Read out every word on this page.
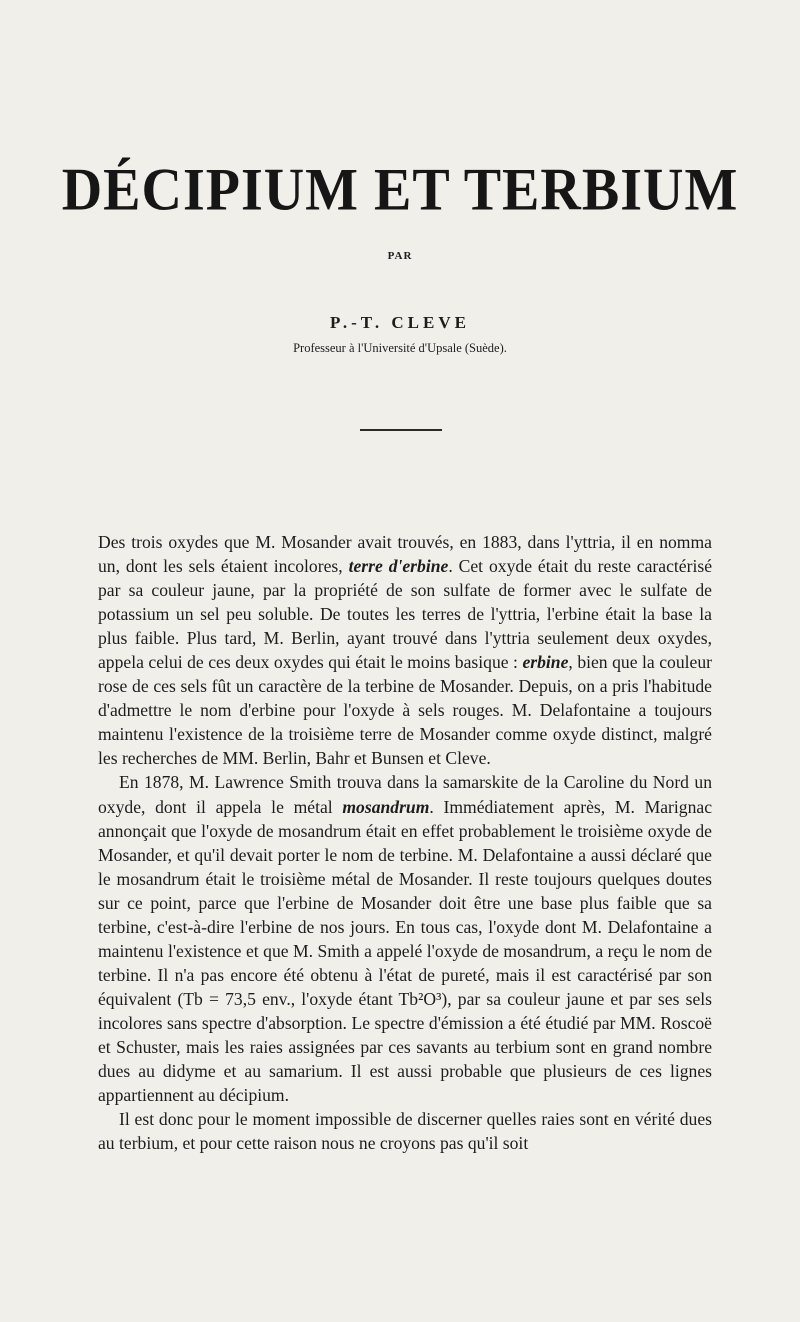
DÉCIPIUM ET TERBIUM
PAR
P.-T. CLEVE
Professeur à l'Université d'Upsale (Suède).

Des trois oxydes que M. Mosander avait trouvés, en 1883, dans l'yttria, il en nomma un, dont les sels étaient incolores, terre d'erbine. Cet oxyde était du reste caractérisé par sa couleur jaune, par la propriété de son sulfate de former avec le sulfate de potassium un sel peu soluble. De toutes les terres de l'yttria, l'erbine était la base la plus faible. Plus tard, M. Berlin, ayant trouvé dans l'yttria seulement deux oxydes, appela celui de ces deux oxydes qui était le moins basique : erbine, bien que la couleur rose de ces sels fût un caractère de la terbine de Mosander. Depuis, on a pris l'habitude d'admettre le nom d'erbine pour l'oxyde à sels rouges. M. Delafontaine a toujours maintenu l'existence de la troisième terre de Mosander comme oxyde distinct, malgré les recherches de MM. Berlin, Bahr et Bunsen et Cleve.

En 1878, M. Lawrence Smith trouva dans la samarskite de la Caroline du Nord un oxyde, dont il appela le métal mosandrum. Immédiatement après, M. Marignac annonçait que l'oxyde de mosandrum était en effet probablement le troisième oxyde de Mosander, et qu'il devait porter le nom de terbine. M. Delafontaine a aussi déclaré que le mosandrum était le troisième métal de Mosander. Il reste toujours quelques doutes sur ce point, parce que l'erbine de Mosander doit être une base plus faible que sa terbine, c'est-à-dire l'erbine de nos jours. En tous cas, l'oxyde dont M. Delafontaine a maintenu l'existence et que M. Smith a appelé l'oxyde de mosandrum, a reçu le nom de terbine. Il n'a pas encore été obtenu à l'état de pureté, mais il est caractérisé par son équivalent (Tb = 73,5 env., l'oxyde étant Tb²O³), par sa couleur jaune et par ses sels incolores sans spectre d'absorption. Le spectre d'émission a été étudié par MM. Roscoë et Schuster, mais les raies assignées par ces savants au terbium sont en grand nombre dues au didyme et au samarium. Il est aussi probable que plusieurs de ces lignes appartiennent au décipium.

Il est donc pour le moment impossible de discerner quelles raies sont en vérité dues au terbium, et pour cette raison nous ne croyons pas qu'il soit
